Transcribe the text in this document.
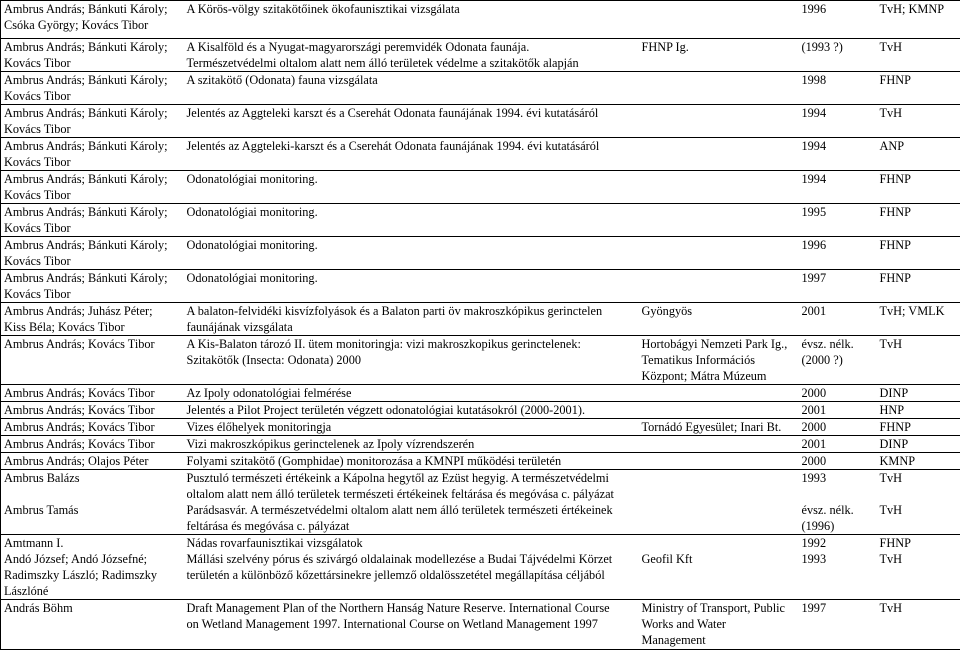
Ambrus András; Bánkuti Károly;
Csóka György; Kovács Tibor	A Körös-völgy szitakötőinek ökofaunisztikai vizsgálata		1996	TvH; KMNP

Ambrus András; Bánkuti Károly;
Kovács Tibor	A Kisalföld és a Nyugat-magyarországi peremvidék Odonata faunája.
Természetvédelmi oltalom alatt nem álló területek védelme a szitakötők alapján	FHNP Ig.	(1993 ?)	TvH

Ambrus András; Bánkuti Károly;
Kovács Tibor	A szitakötő (Odonata) fauna vizsgálata		1998	FHNP

Ambrus András; Bánkuti Károly;
Kovács Tibor	Jelentés az Aggteleki karszt és a Cserehát Odonata faunájának 1994. évi kutatásáról		1994	TvH

Ambrus András; Bánkuti Károly;
Kovács Tibor	Jelentés az Aggteleki-karszt és a Cserehát Odonata faunájának 1994. évi kutatásáról		1994	ANP

Ambrus András; Bánkuti Károly;
Kovács Tibor	Odonatológiai monitoring.		1994	FHNP

Ambrus András; Bánkuti Károly;
Kovács Tibor	Odonatológiai monitoring.		1995	FHNP

Ambrus András; Bánkuti Károly;
Kovács Tibor	Odonatológiai monitoring.		1996	FHNP

Ambrus András; Bánkuti Károly;
Kovács Tibor	Odonatológiai monitoring.		1997	FHNP

Ambrus András; Juhász Péter;
Kiss Béla; Kovács Tibor	A balaton-felvidéki kisvízfolyások és a Balaton parti öv makroszkópikus gerinctelen
faunájának vizsgálata	Gyöngyös	2001	TvH; VMLK

Ambrus András; Kovács Tibor	A Kis-Balaton tározó II. ütem monitoringja: vizi makroszkopikus gerinctelenek:
Szitakötők (Insecta: Odonata) 2000	Hortobágyi Nemzeti Park Ig.,
Tematikus Információs
Központ; Mátra Múzeum	évsz. nélk.
(2000 ?)	TvH

Ambrus András; Kovács Tibor	Az Ipoly odonatológiai felmérése		2000	DINP

Ambrus András; Kovács Tibor	Jelentés a Pilot Project területén végzett odonatológiai kutatásokról (2000-2001).		2001	HNP

Ambrus András; Kovács Tibor	Vizes élőhelyek monitoringja	Tornádó Egyesület; Inari Bt.	2000	FHNP

Ambrus András; Kovács Tibor	Vizi makroszkópikus gerinctelenek az Ipoly vízrendszerén		2001	DINP

Ambrus András; Olajos Péter	Folyami szitakötő (Gomphidae) monitorozása a KMNPI működési területén		2000	KMNP

Ambrus Balázs	Pusztuló természeti értékeink a Kápolna hegytől az Ezüst hegyig. A természetvédelmi
oltalom alatt nem álló területek természeti értékeinek feltárása és megóvása c. pályázat		1993	TvH

Ambrus Tamás	Parádsasvár. A természetvédelmi oltalom alatt nem álló területek természeti értékeinek
feltárása és megóvása c. pályázat		évsz. nélk.
(1996)	TvH

Amtmann I.	Nádas rovarfaunisztikai vizsgálatok		1992	FHNP

Andó József; Andó Józsefné;
Radimszky László; Radimszky
Lászlóné	Mállási szelvény pórus és szivárgó oldalainak modellezése a Budai Tájvédelmi Körzet
területén a különböző kőzettársinekre jellemző oldalösszetétel megállapítása céljából	Geofil Kft	1993	TvH

András Böhm	Draft Management Plan of the Northern Hanság Nature Reserve. International Course
on Wetland Management 1997. International Course on Wetland Management 1997	Ministry of Transport, Public
Works and Water
Management	1997	TvH
